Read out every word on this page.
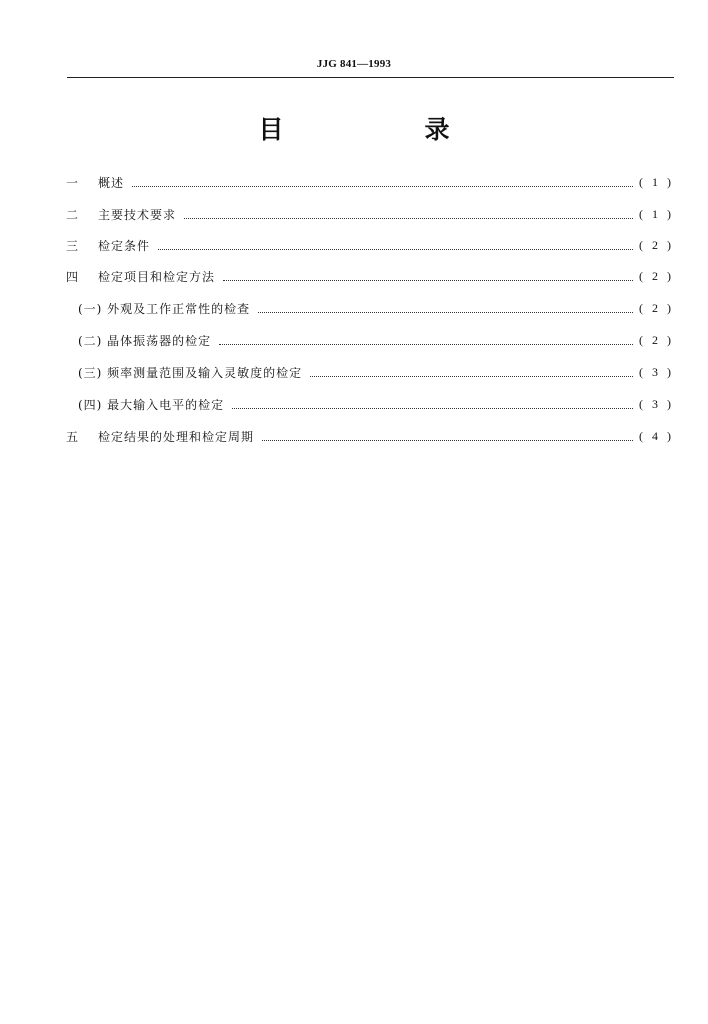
JJG 841—1993
目　录
一	概述	( 1 )
二	主要技术要求	( 1 )
三	检定条件	( 2 )
四	检定项目和检定方法	( 2 )
(一) 外观及工作正常性的检查	( 2 )
(二) 晶体振荡器的检定	( 2 )
(三) 频率测量范围及输入灵敏度的检定	( 3 )
(四) 最大输入电平的检定	( 3 )
五	检定结果的处理和检定周期	( 4 )
